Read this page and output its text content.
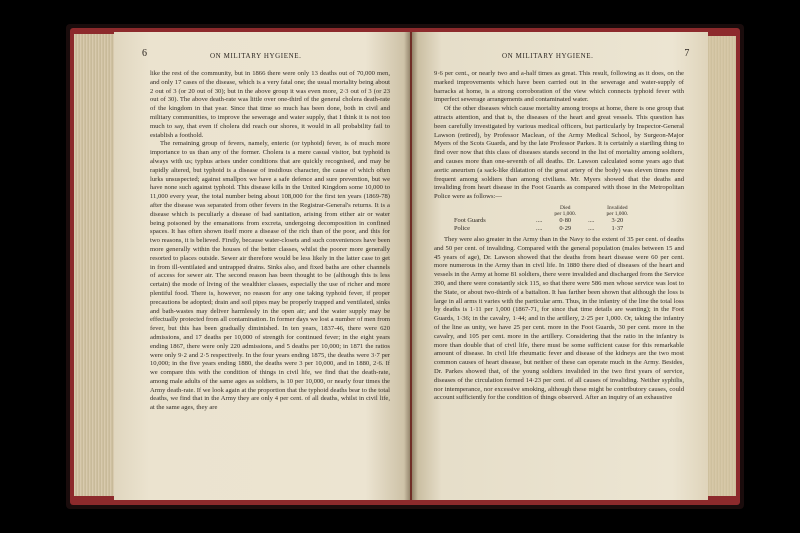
6	ON MILITARY HYGIENE.

like the rest of the community, but in 1866 there were only 13 deaths out of 70,000 men, and only 17 cases of the disease, which is a very fatal one; the usual mortality being about 2 out of 3 (or 20 out of 30); but in the above group it was even more, 2·3 out of 3 (or 23 out of 30). The above death-rate was little over one-third of the general cholera death-rate of the kingdom in that year. Since that time so much has been done, both in civil and military communities, to improve the sewerage and water supply, that I think it is not too much to say, that even if cholera did reach our shores, it would in all probability fail to establish a foothold.

The remaining group of fevers, namely, enteric (or typhoid) fever, is of much more importance to us than any of the former. Cholera is a mere casual visitor, but typhoid is always with us; typhus arises under conditions that are quickly recognised, and may be rapidly altered, but typhoid is a disease of insidious character, the cause of which often lurks unsuspected; against smallpox we have a safe defence and sure prevention, but we have none such against typhoid. This disease kills in the United Kingdom some 10,000 to 11,000 every year, the total number being about 108,000 for the first ten years (1869-78) after the disease was separated from other fevers in the Registrar-General's returns. It is a disease which is peculiarly a disease of bad sanitation, arising from either air or water being poisoned by the emanations from excreta, undergoing decomposition in confined spaces. It has often shown itself more a disease of the rich than of the poor, and this for two reasons, it is believed. Firstly, because water-closets and such conveniences have been more generally within the houses of the better classes, whilst the poorer more generally resorted to places outside. Sewer air therefore would be less likely in the latter case to get in from ill-ventilated and untrapped drains. Sinks also, and fixed baths are other channels of access for sewer air. The second reason has been thought to be (although this is less certain) the mode of living of the wealthier classes, especially the use of richer and more plentiful food. There is, however, no reason for any one taking typhoid fever, if proper precautions be adopted; drain and soil pipes may be properly trapped and ventilated, sinks and bath-wastes may deliver harmlessly in the open air; and the water supply may be effectually protected from all contamination. In former days we lost a number of men from fever, but this has been gradually diminished. In ten years, 1837-46, there were 620 admissions, and 17 deaths per 10,000 of strength for continued fever; in the eight years ending 1867, there were only 220 admissions, and 5 deaths per 10,000; in 1871 the ratios were only 9·2 and 2·5 respectively. In the four years ending 1875, the deaths were 3·7 per 10,000; in the five years ending 1880, the deaths were 3 per 10,000, and in 1880, 2·6. If we compare this with the condition of things in civil life, we find that the death-rate, among male adults of the same ages as soldiers, is 10 per 10,000, or nearly four times the Army death-rate. If we look again at the proportion that the typhoid deaths bear to the total deaths, we find that in the Army they are only 4 per cent. of all deaths, whilst in civil life, at the same ages, they are

ON MILITARY HYGIENE.	7

9·6 per cent., or nearly two and a-half times as great. This result, following as it does, on the marked improvements which have been carried out in the sewerage and water-supply of barracks at home, is a strong corroboration of the view which connects typhoid fever with imperfect sewerage arrangements and contaminated water.

Of the other diseases which cause mortality among troops at home, there is one group that attracts attention, and that is, the diseases of the heart and great vessels. This question has been carefully investigated by various medical officers, but particularly by Inspector-General Lawson (retired), by Professor Maclean, of the Army Medical School, by Surgeon-Major Myers of the Scots Guards, and by the late Professor Parkes. It is certainly a startling thing to find over now that this class of diseases stands second in the list of mortality among soldiers, and causes more than one-seventh of all deaths. Dr. Lawson calculated some years ago that aortic aneurism (a sack-like dilatation of the great artery of the body) was eleven times more frequent among soldiers than among civilians. Mr. Myers showed that the deaths and invaliding from heart disease in the Foot Guards as compared with those in the Metropolitan Police were as follows:—

		Died
per 1,000.		Invalided
per 1,000.
Foot Guards	....	0·80	....	3·20
Police	....	0·29	....	1·37

They were also greater in the Army than in the Navy to the extent of 35 per cent. of deaths and 50 per cent. of invaliding. Compared with the general population (males between 15 and 45 years of age), Dr. Lawson showed that the deaths from heart disease were 60 per cent. more numerous in the Army than in civil life. In 1880 there died of diseases of the heart and vessels in the Army at home 81 soldiers, there were invalided and discharged from the Service 390, and there were constantly sick 115, so that there were 586 men whose service was lost to the State, or about two-thirds of a battalion. It has farther been shown that although the loss is large in all arms it varies with the particular arm. Thus, in the infantry of the line the total loss by deaths is 1·11 per 1,000 (1867-71, for since that time details are wanting); in the Foot Guards, 1·36; in the cavalry, 1·44; and in the artillery, 2·25 per 1,000. Or, taking the infantry of the line as unity, we have 25 per cent. more in the Foot Guards, 30 per cent. more in the cavalry, and 105 per cent. more in the artillery. Considering that the ratio in the infantry is more than double that of civil life, there must be some sufficient cause for this remarkable amount of disease. In civil life rheumatic fever and disease of the kidneys are the two most common causes of heart disease, but neither of these can operate much in the Army. Besides, Dr. Parkes showed that, of the young soldiers invalided in the two first years of service, diseases of the circulation formed 14·23 per cent. of all causes of invaliding. Neither syphilis, nor intemperance, nor excessive smoking, although these might be contributory causes, could account sufficiently for the condition of things observed. After an inquiry of an exhaustive
